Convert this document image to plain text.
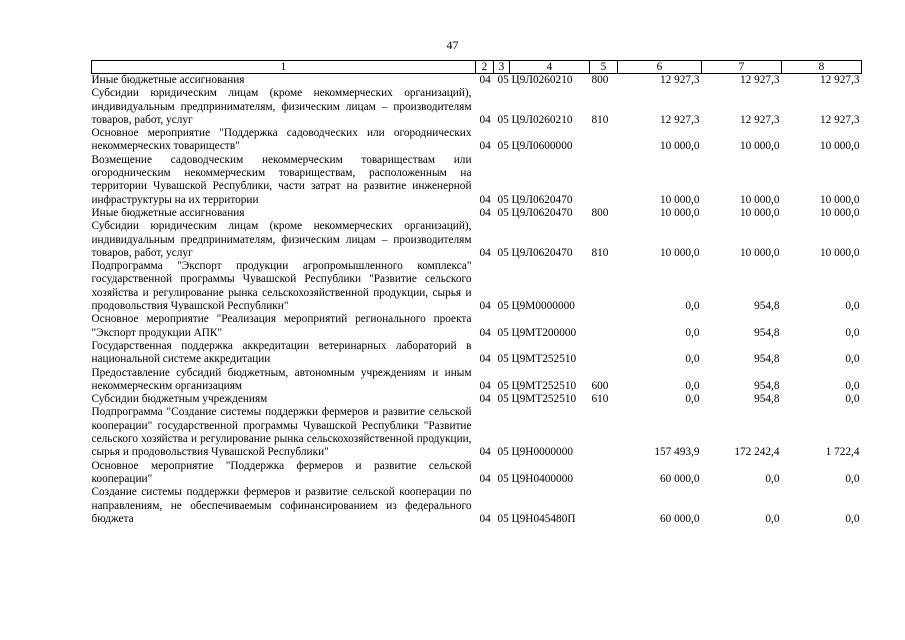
47
1	2	3	4	5	6	7	8
Иные бюджетные ассигнования	04	05	Ц9Л0260210	800	12 927,3	12 927,3	12 927,3
Субсидии юридическим лицам (кроме некоммерческих организаций), индивидуальным предпринимателям, физическим лицам – производителям товаров, работ, услуг	04	05	Ц9Л0260210	810	12 927,3	12 927,3	12 927,3
Основное мероприятие "Поддержка садоводческих или огороднических некоммерческих товариществ"	04	05	Ц9Л0600000		10 000,0	10 000,0	10 000,0
Возмещение садоводческим некоммерческим товариществам или огородническим некоммерческим товариществам, расположенным на территории Чувашской Республики, части затрат на развитие инженерной инфраструктуры на их территории	04	05	Ц9Л0620470		10 000,0	10 000,0	10 000,0
Иные бюджетные ассигнования	04	05	Ц9Л0620470	800	10 000,0	10 000,0	10 000,0
Субсидии юридическим лицам (кроме некоммерческих организаций), индивидуальным предпринимателям, физическим лицам – производителям товаров, работ, услуг	04	05	Ц9Л0620470	810	10 000,0	10 000,0	10 000,0
Подпрограмма "Экспорт продукции агропромышленного комплекса" государственной программы Чувашской Республики "Развитие сельского хозяйства и регулирование рынка сельскохозяйственной продукции, сырья и продовольствия Чувашской Республики"	04	05	Ц9М0000000		0,0	954,8	0,0
Основное мероприятие "Реализация мероприятий регионального проекта "Экспорт продукции АПК"	04	05	Ц9МТ200000		0,0	954,8	0,0
Государственная поддержка аккредитации ветеринарных лабораторий в национальной системе аккредитации	04	05	Ц9МТ252510		0,0	954,8	0,0
Предоставление субсидий бюджетным, автономным учреждениям и иным некоммерческим организациям	04	05	Ц9МТ252510	600	0,0	954,8	0,0
Субсидии бюджетным учреждениям	04	05	Ц9МТ252510	610	0,0	954,8	0,0
Подпрограмма "Создание системы поддержки фермеров и развитие сельской кооперации" государственной программы Чувашской Республики "Развитие сельского хозяйства и регулирование рынка сельскохозяйственной продукции, сырья и продовольствия Чувашской Республики"	04	05	Ц9Н0000000		157 493,9	172 242,4	1 722,4
Основное мероприятие "Поддержка фермеров и развитие сельской кооперации"	04	05	Ц9Н0400000		60 000,0	0,0	0,0
Создание системы поддержки фермеров и развитие сельской кооперации по направлениям, не обеспечиваемым софинансированием из федерального бюджета	04	05	Ц9Н045480П		60 000,0	0,0	0,0
